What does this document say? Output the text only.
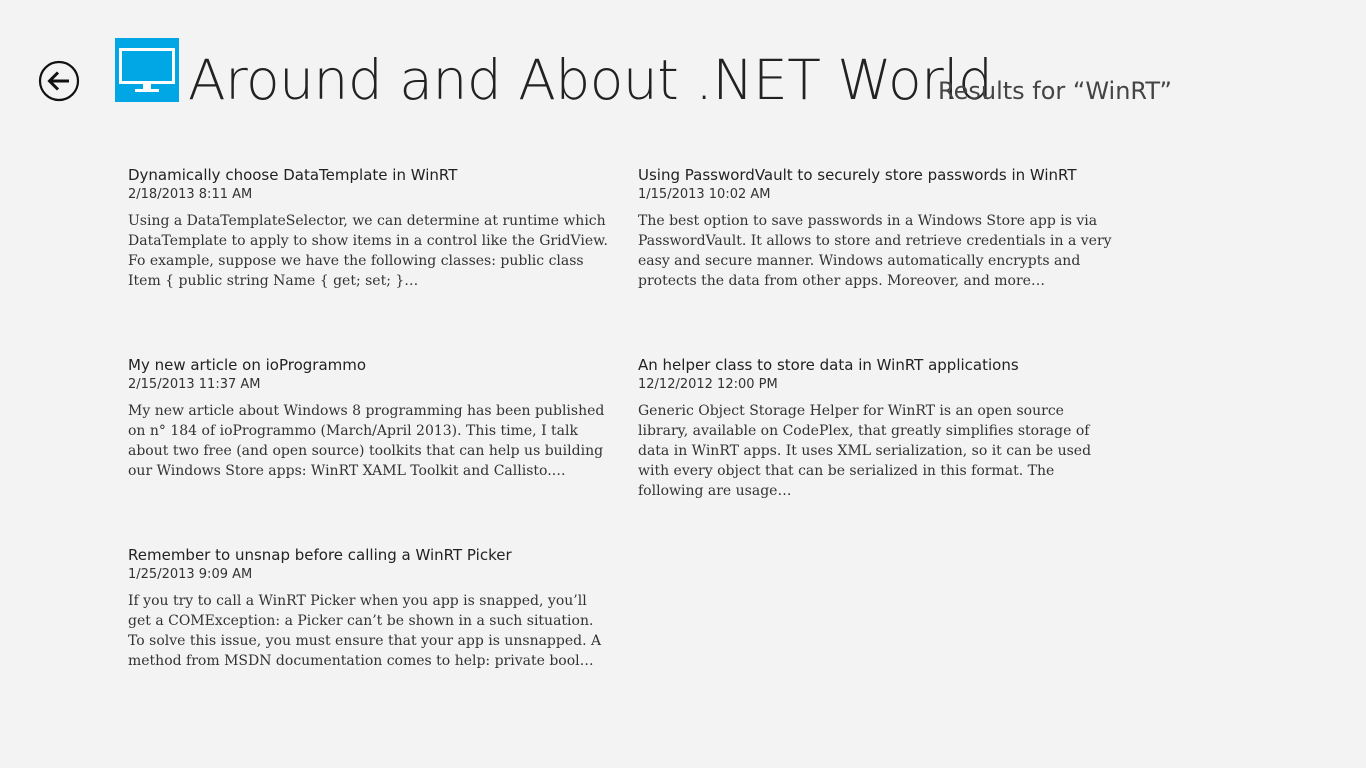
Around and About .NET World
Results for “WinRT”
Dynamically choose DataTemplate in WinRT
2/18/2013 8:11 AM
Using a DataTemplateSelector, we can determine at runtime which DataTemplate to apply to show items in a control like the GridView. Fo example, suppose we have the following classes: public class Item { public string Name { get; set; }…
Using PasswordVault to securely store passwords in WinRT
1/15/2013 10:02 AM
The best option to save passwords in a Windows Store app is via PasswordVault. It allows to store and retrieve credentials in a very easy and secure manner. Windows automatically encrypts and protects the data from other apps. Moreover, and more…
My new article on ioProgrammo
2/15/2013 11:37 AM
My new article about Windows 8 programming has been published on n° 184 of ioProgrammo (March/April 2013). This time, I talk about two free (and open source) toolkits that can help us building our Windows Store apps: WinRT XAML Toolkit and Callisto.…
An helper class to store data in WinRT applications
12/12/2012 12:00 PM
Generic Object Storage Helper for WinRT is an open source library, available on CodePlex, that greatly simplifies storage of data in WinRT apps. It uses XML serialization, so it can be used with every object that can be serialized in this format. The following are usage…
Remember to unsnap before calling a WinRT Picker
1/25/2013 9:09 AM
If you try to call a WinRT Picker when you app is snapped, you’ll get a COMException: a Picker can’t be shown in a such situation. To solve this issue, you must ensure that your app is unsnapped. A method from MSDN documentation comes to help: private bool…
